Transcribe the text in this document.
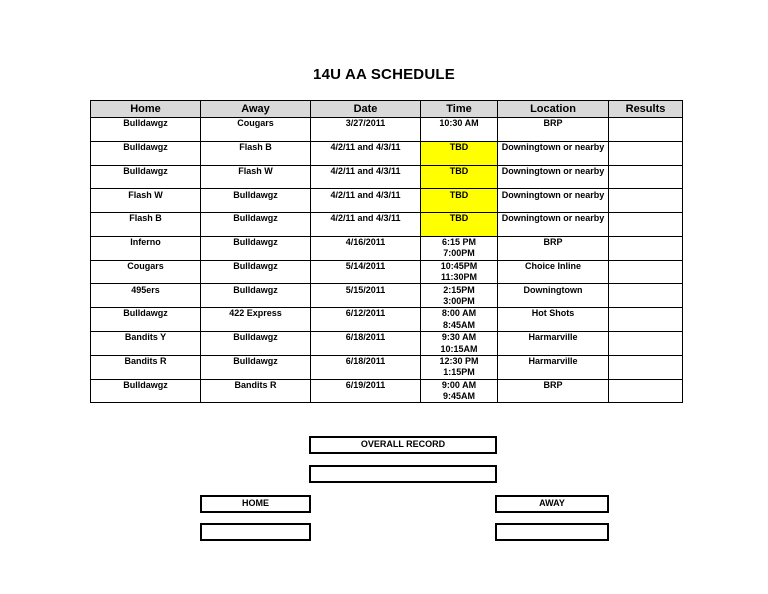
14U AA SCHEDULE
Home	Away	Date	Time	Location	Results
Bulldawgz	Cougars	3/27/2011	10:30 AM	BRP	

Bulldawgz	Flash B	4/2/11 and 4/3/11	TBD	Downingtown or nearby	

Bulldawgz	Flash W	4/2/11 and 4/3/11	TBD	Downingtown or nearby	

Flash W	Bulldawgz	4/2/11 and 4/3/11	TBD	Downingtown or nearby	

Flash B	Bulldawgz	4/2/11 and 4/3/11	TBD	Downingtown or nearby	

Inferno	Bulldawgz	4/16/2011	6:15 PM	BRP	
			7:00PM		
Cougars	Bulldawgz	5/14/2011	10:45PM	Choice Inline	
			11:30PM		
495ers	Bulldawgz	5/15/2011	2:15PM	Downingtown	
			3:00PM		
Bulldawgz	422 Express	6/12/2011	8:00 AM	Hot Shots	
			8:45AM		
Bandits Y	Bulldawgz	6/18/2011	9:30 AM	Harmarville	
			10:15AM		
Bandits R	Bulldawgz	6/18/2011	12:30 PM	Harmarville	
			1:15PM		
Bulldawgz	Bandits R	6/19/2011	9:00 AM	BRP	
			9:45AM		
OVERALL RECORD
HOME	AWAY
